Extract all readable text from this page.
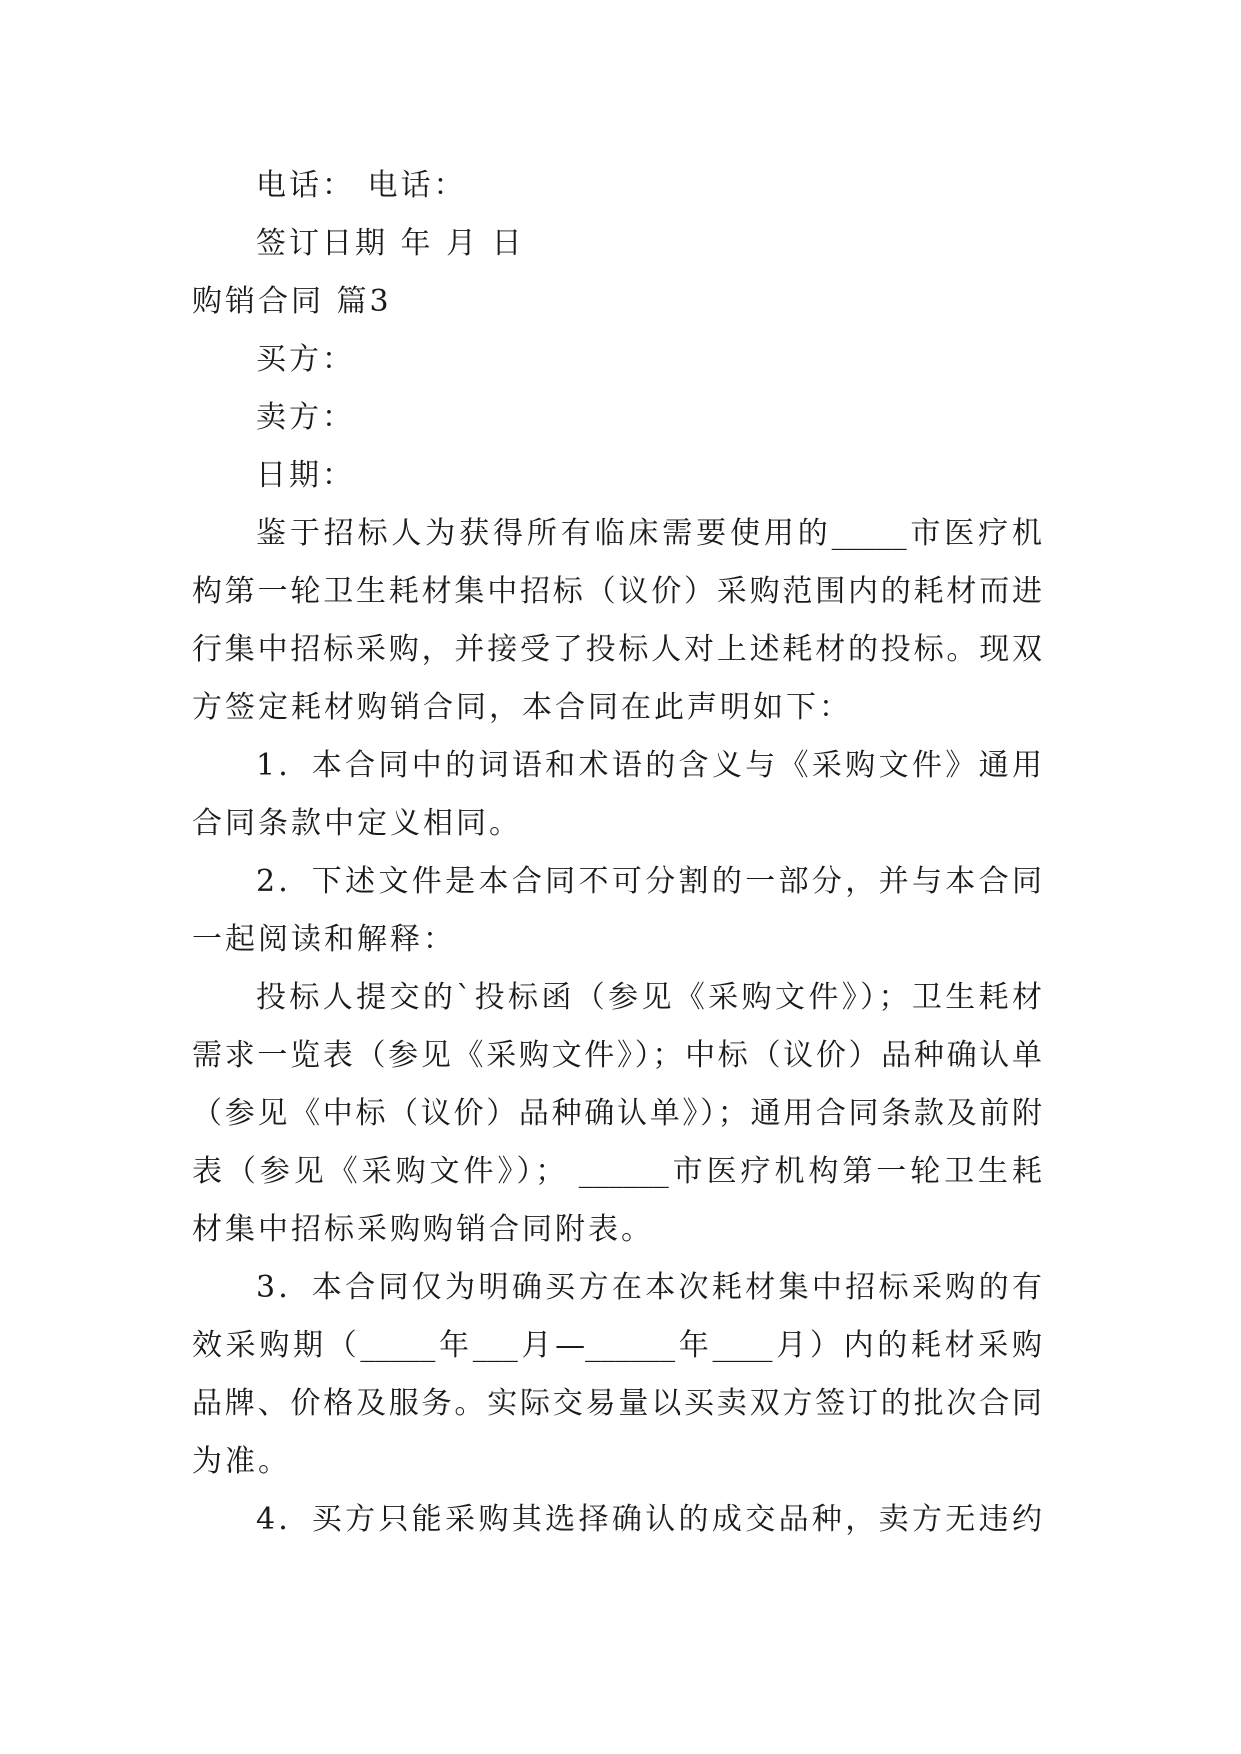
电话： 电话：
签订日期 年 月 日
购销合同 篇3
买方：
卖方：
日期：
鉴于招标人为获得所有临床需要使用的_____市医疗机
构第一轮卫生耗材集中招标（议价）采购范围内的耗材而进
行集中招标采购，并接受了投标人对上述耗材的投标。现双
方签定耗材购销合同，本合同在此声明如下：
1．本合同中的词语和术语的含义与《采购文件》通用
合同条款中定义相同。
2．下述文件是本合同不可分割的一部分，并与本合同
一起阅读和解释：
投标人提交的`投标函（参见《采购文件》）；卫生耗材
需求一览表（参见《采购文件》）；中标（议价）品种确认单
（参见《中标（议价）品种确认单》）；通用合同条款及前附
表（参见《采购文件》）； ______市医疗机构第一轮卫生耗
材集中招标采购购销合同附表。
3．本合同仅为明确买方在本次耗材集中招标采购的有
效采购期（_____年___月—______年____月）内的耗材采购
品牌、价格及服务。实际交易量以买卖双方签订的批次合同
为准。
4．买方只能采购其选择确认的成交品种，卖方无违约
